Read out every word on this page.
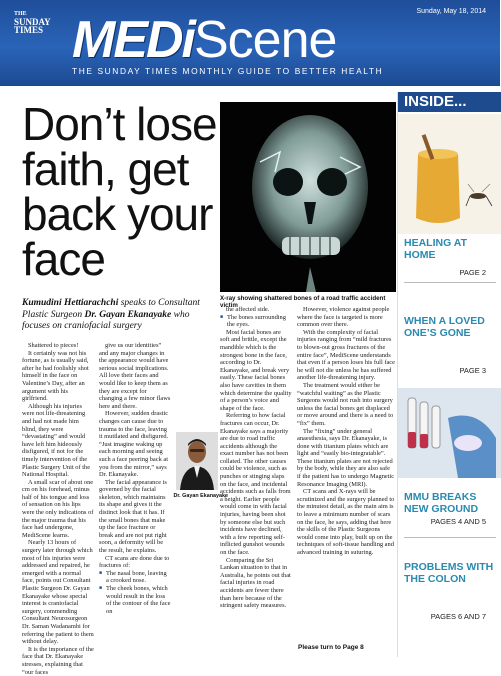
Sunday, May 18, 2014
THE
SUNDAY
TIMES MEDiScene
THE SUNDAY TIMES MONTHLY GUIDE TO BETTER HEALTH
Don’t lose faith, get back your face
X-ray showing shattered bones of a road traffic accident victim
Kumudini Hettiarachchi speaks to Consultant Plastic Surgeon Dr. Gayan Ekanayake who focuses on craniofacial surgery

Shattered to pieces!

It certainly was not his fortune, as is usually said, after he had foolishly shot himself in the face on Valentine’s Day, after an argument with his girlfriend.

Although his injuries were not life-threatening and had not made him blind, they were “devastating” and would have left him hideously disfigured, if not for the timely intervention of the Plastic Surgery Unit of the National Hospital.

A small scar of about one cm on his forehead, minus half of his tongue and loss of sensation on his lips were the only indications of the major trauma that his face had undergone, MediScene learns.

Nearly 13 hours of surgery later through which most of his injuries were addressed and repaired, he emerged with a normal face, points out Consultant Plastic Surgeon Dr. Gayan Ekanayake whose special interest is craniofacial surgery, commending Consultant Neurosurgeon Dr. Saman Wadanambi for referring the patient to them without delay.

It is the importance of the face that Dr. Ekanayake stresses, explaining that “our faces

give us our identities” and any major changes in the appearance would have serious social implications. All love their faces and would like to keep them as they are except for changing a few minor flaws here and there.

However, sudden drastic changes can cause due to trauma to the face, leaving it mutilated and disfigured. “Just imagine waking up each morning and seeing such a face peering back at you from the mirror,” says Dr. Ekanayake.

The facial appearance is governed by the facial skeleton, which maintains its shape and gives it the distinct look that it has. If the small bones that make up the face fracture or break and are not put right soon, a deformity will be the result, he explains.

CT scans are done due to fractures of:

■ The nasal bone, leaving a crooked nose.

■ The cheek bones, which would result in the loss of the contour of the face on

Dr. Gayan Ekanayake

the affected side.

■ The bones surrounding the eyes.

Most facial bones are soft and brittle, except the mandible which is the strongest bone in the face, according to Dr. Ekanayake, and break very easily. These facial bones also have cavities in them which determine the quality of a person’s voice and shape of the face.

Referring to how facial fractures can occur, Dr. Ekanayake says a majority are due to road traffic accidents although the exact number has not been collated. The other causes could be violence, such as punches or stinging slaps on the face, and incidental accidents such as falls from a height. Earlier people would come in with facial injuries, having been shot by someone else but such incidents have declined, with a few reporting self-inflicted gunshot wounds on the face.

Comparing the Sri Lankan situation to that in Australia, he points out that facial injuries in road accidents are fewer there than here because of the stringent safety measures.

However, violence against people where the face is targeted is more common over there.

With the complexity of facial injuries ranging from “mild fractures to blown-out gross fractures of the entire face”, MediScene understands that even if a person loses his full face he will not die unless he has suffered another life-threatening injury.

The treatment would either be “watchful waiting” as the Plastic Surgeons would not rush into surgery unless the facial bones get displaced or move around and there is a need to “fix” them.

The “fixing” under general anaesthesia, says Dr. Ekanayake, is done with titanium plates which are light and “easily bio-integratable”. These titanium plates are not rejected by the body, while they are also safe if the patient has to undergo Magnetic Resonance Imaging (MRI).

CT scans and X-rays will be scrutinized and the surgery planned to the minutest detail, as the main aim is to leave a minimum number of scars on the face, he says, adding that here the skills of the Plastic Surgeons would come into play, built up on the techniques of soft-tissue handling and advanced training in suturing.

Please turn to Page 8
INSIDE...
HEALING AT HOME
PAGE 2
WHEN A LOVED ONE’S GONE
PAGE 3
MMU BREAKS NEW GROUND
PAGES 4 AND 5
PROBLEMS WITH THE COLON
PAGES 6 AND 7
